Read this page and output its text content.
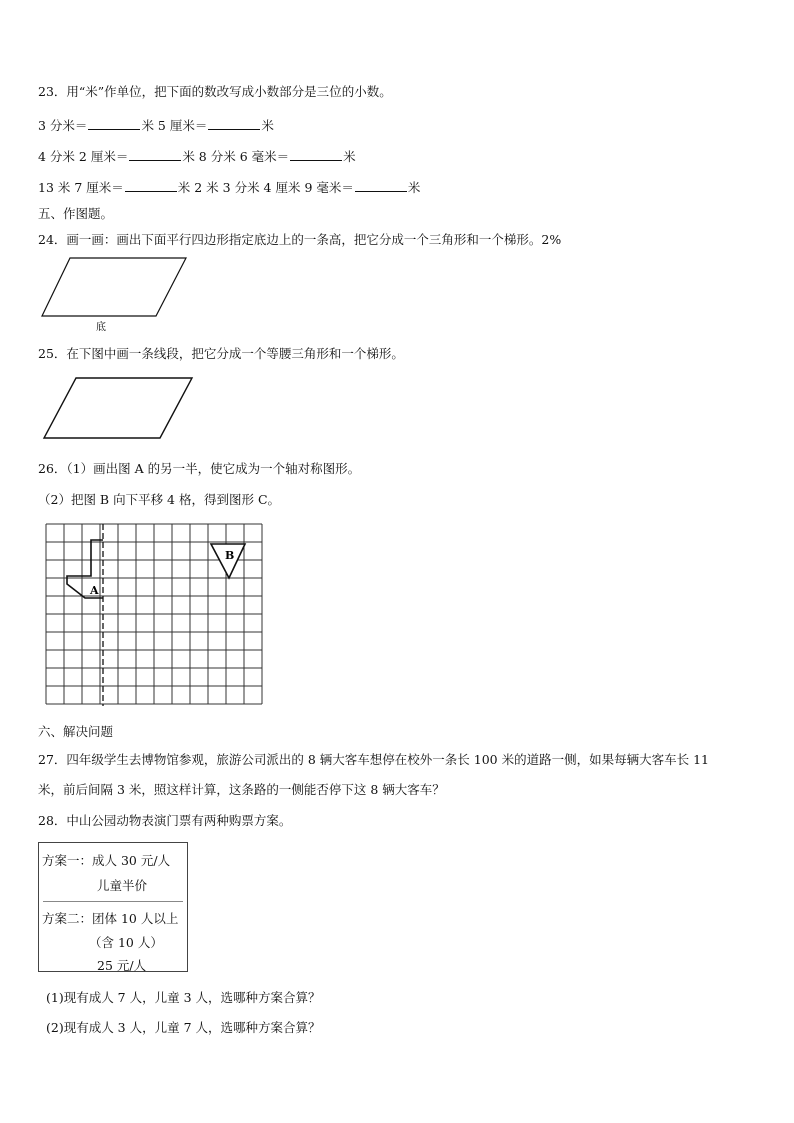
23．用“米”作单位，把下面的数改写成小数部分是三位的小数。
3 分米＝	米 5 厘米＝	米
4 分米 2 厘米＝	米 8 分米 6 毫米＝	米
13 米 7 厘米＝	米 2 米 3 分米 4 厘米 9 毫米＝	米
五、作图题。
24．画一画：画出下面平行四边形指定底边上的一条高，把它分成一个三角形和一个梯形。2%
底
25．在下图中画一条线段，把它分成一个等腰三角形和一个梯形。
26．（1）画出图 A 的另一半，使它成为一个轴对称图形。
（2）把图 B 向下平移 4 格，得到图形 C。
A
B
六、解决问题
27．四年级学生去博物馆参观，旅游公司派出的 8 辆大客车想停在校外一条长 100 米的道路一侧，如果每辆大客车长 11
米，前后间隔 3 米，照这样计算，这条路的一侧能否停下这 8 辆大客车？
28．中山公园动物表演门票有两种购票方案。
方案一：成人 30 元/人
儿童半价
方案二：团体 10 人以上
（含 10 人）
25 元/人
(1)现有成人 7 人，儿童 3 人，选哪种方案合算？
(2)现有成人 3 人，儿童 7 人，选哪种方案合算？
